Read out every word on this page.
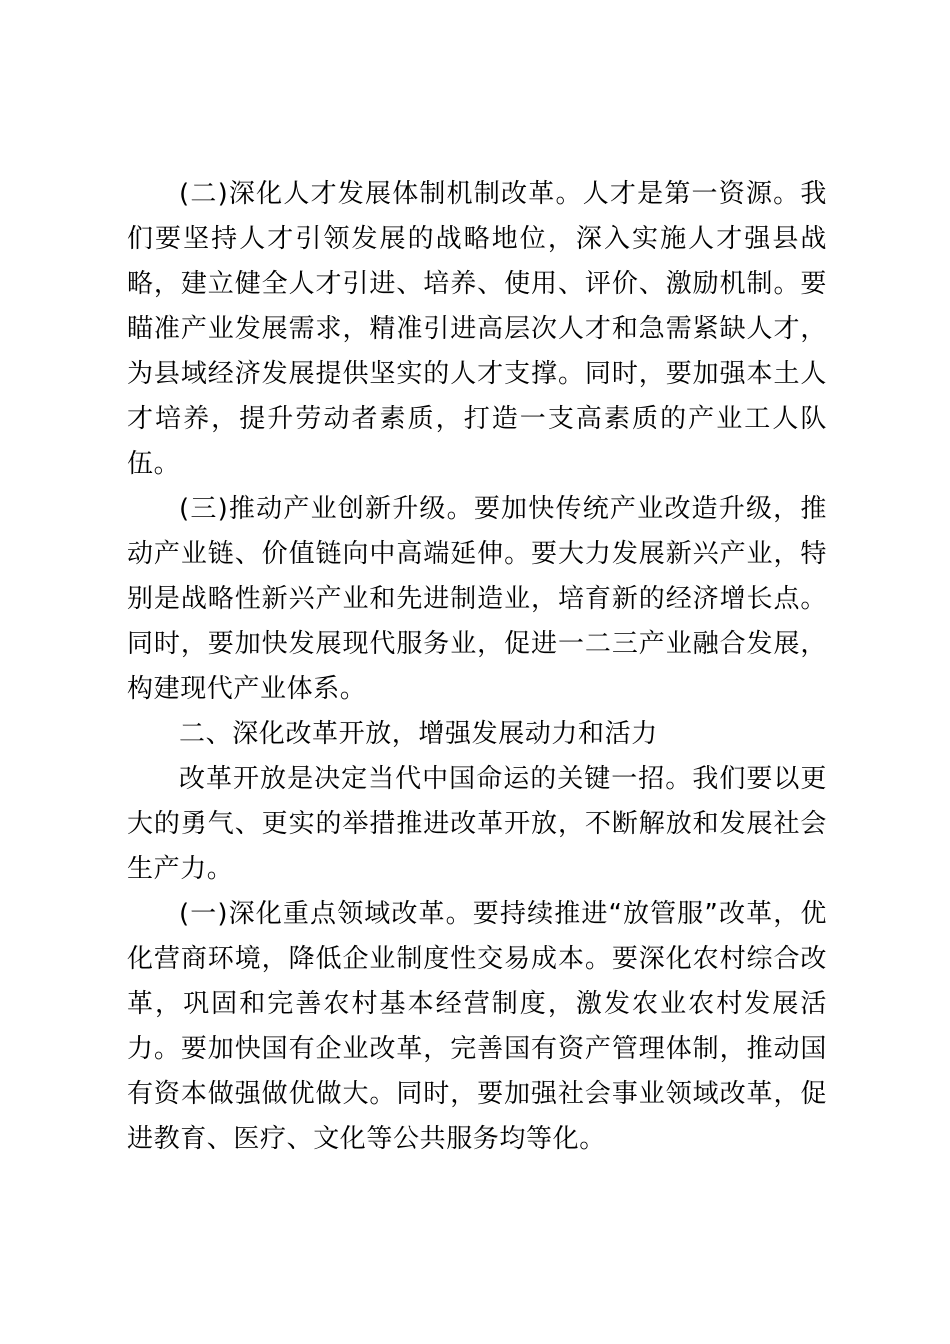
(二)深化人才发展体制机制改革。人才是第一资源。我们要坚持人才引领发展的战略地位，深入实施人才强县战略，建立健全人才引进、培养、使用、评价、激励机制。要瞄准产业发展需求，精准引进高层次人才和急需紧缺人才，为县域经济发展提供坚实的人才支撑。同时，要加强本土人才培养，提升劳动者素质，打造一支高素质的产业工人队伍。

(三)推动产业创新升级。要加快传统产业改造升级，推动产业链、价值链向中高端延伸。要大力发展新兴产业，特别是战略性新兴产业和先进制造业，培育新的经济增长点。同时，要加快发展现代服务业，促进一二三产业融合发展，构建现代产业体系。

二、深化改革开放，增强发展动力和活力

改革开放是决定当代中国命运的关键一招。我们要以更大的勇气、更实的举措推进改革开放，不断解放和发展社会生产力。

(一)深化重点领域改革。要持续推进“放管服”改革，优化营商环境，降低企业制度性交易成本。要深化农村综合改革，巩固和完善农村基本经营制度，激发农业农村发展活力。要加快国有企业改革，完善国有资产管理体制，推动国有资本做强做优做大。同时，要加强社会事业领域改革，促进教育、医疗、文化等公共服务均等化。
